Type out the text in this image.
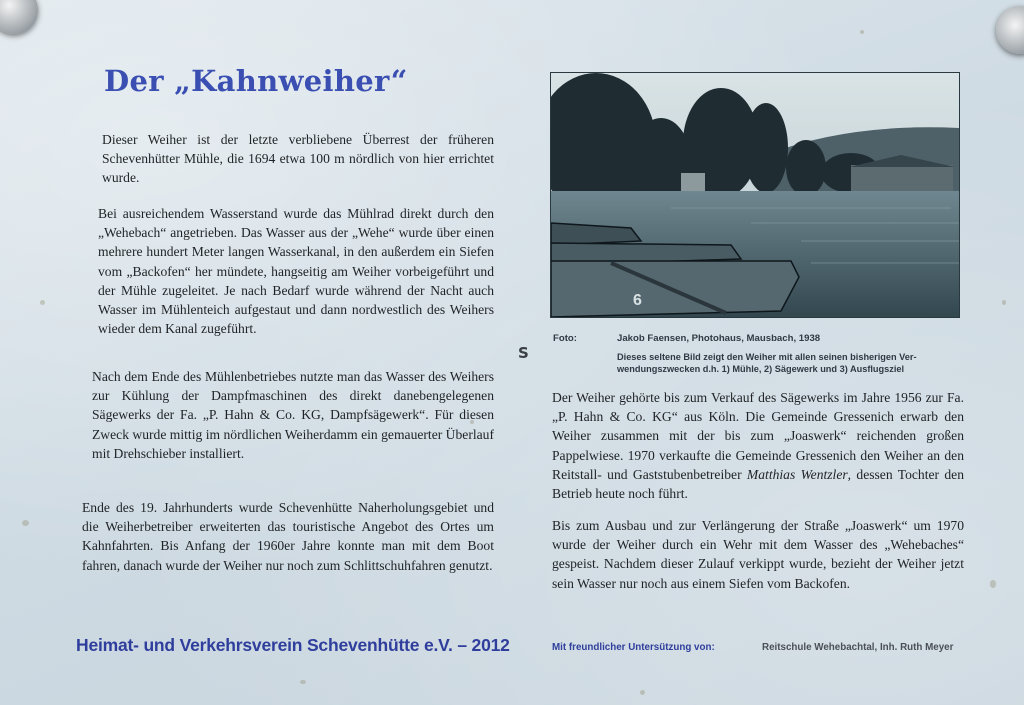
Der „Kahnweiher“

Dieser Weiher ist der letzte verbliebene Überrest der früheren Schevenhütter Mühle, die 1694 etwa 100 m nördlich von hier errichtet wurde.

Bei ausreichendem Wasserstand wurde das Mühlrad direkt durch den „Wehebach“ angetrieben. Das Wasser aus der „Wehe“ wurde über einen mehrere hundert Meter langen Wasserkanal, in den außerdem ein Siefen vom „Backofen“ her mündete, hangseitig am Weiher vorbeigeführt und der Mühle zugeleitet. Je nach Bedarf wurde während der Nacht auch Wasser im Mühlenteich aufgestaut und dann nordwestlich des Weihers wieder dem Kanal zugeführt.

Nach dem Ende des Mühlenbetriebes nutzte man das Wasser des Weihers zur Kühlung der Dampfmaschinen des direkt danebengelegenen Sägewerks der Fa. „P. Hahn & Co. KG, Dampfsägewerk“. Für diesen Zweck wurde mittig im nördlichen Weiherdamm ein gemauerter Überlauf mit Drehschieber installiert.

Ende des 19. Jahrhunderts wurde Schevenhütte Naherholungsgebiet und die Weiherbetreiber erweiterten das touristische Angebot des Ortes um Kahnfahrten. Bis Anfang der 1960er Jahre konnte man mit dem Boot fahren, danach wurde der Weiher nur noch zum Schlittschuhfahren genutzt.

6
Foto:	Jakob Faensen, Photohaus, Mausbach, 1938
Dieses seltene Bild zeigt den Weiher mit allen seinen bisherigen Ver-
wendungszwecken d.h. 1) Mühle, 2) Sägewerk und 3) Ausflugsziel
S

Der Weiher gehörte bis zum Verkauf des Sägewerks im Jahre 1956 zur Fa. „P. Hahn & Co. KG“ aus Köln. Die Gemeinde Gressenich erwarb den Weiher zusammen mit der bis zum „Joaswerk“ reichenden großen Pappelwiese. 1970 verkaufte die Gemeinde Gressenich den Weiher an den Reitstall- und Gaststubenbetreiber Matthias Wentzler, dessen Tochter den Betrieb heute noch führt.

Bis zum Ausbau und zur Verlängerung der Straße „Joaswerk“ um 1970 wurde der Weiher durch ein Wehr mit dem Wasser des „Wehebaches“ gespeist. Nachdem dieser Zulauf verkippt wurde, bezieht der Weiher jetzt sein Wasser nur noch aus einem Siefen vom Backofen.

Heimat- und Verkehrsverein Schevenhütte e.V. – 2012	Mit freundlicher Untersützung von:	Reitschule Wehebachtal, Inh. Ruth Meyer
